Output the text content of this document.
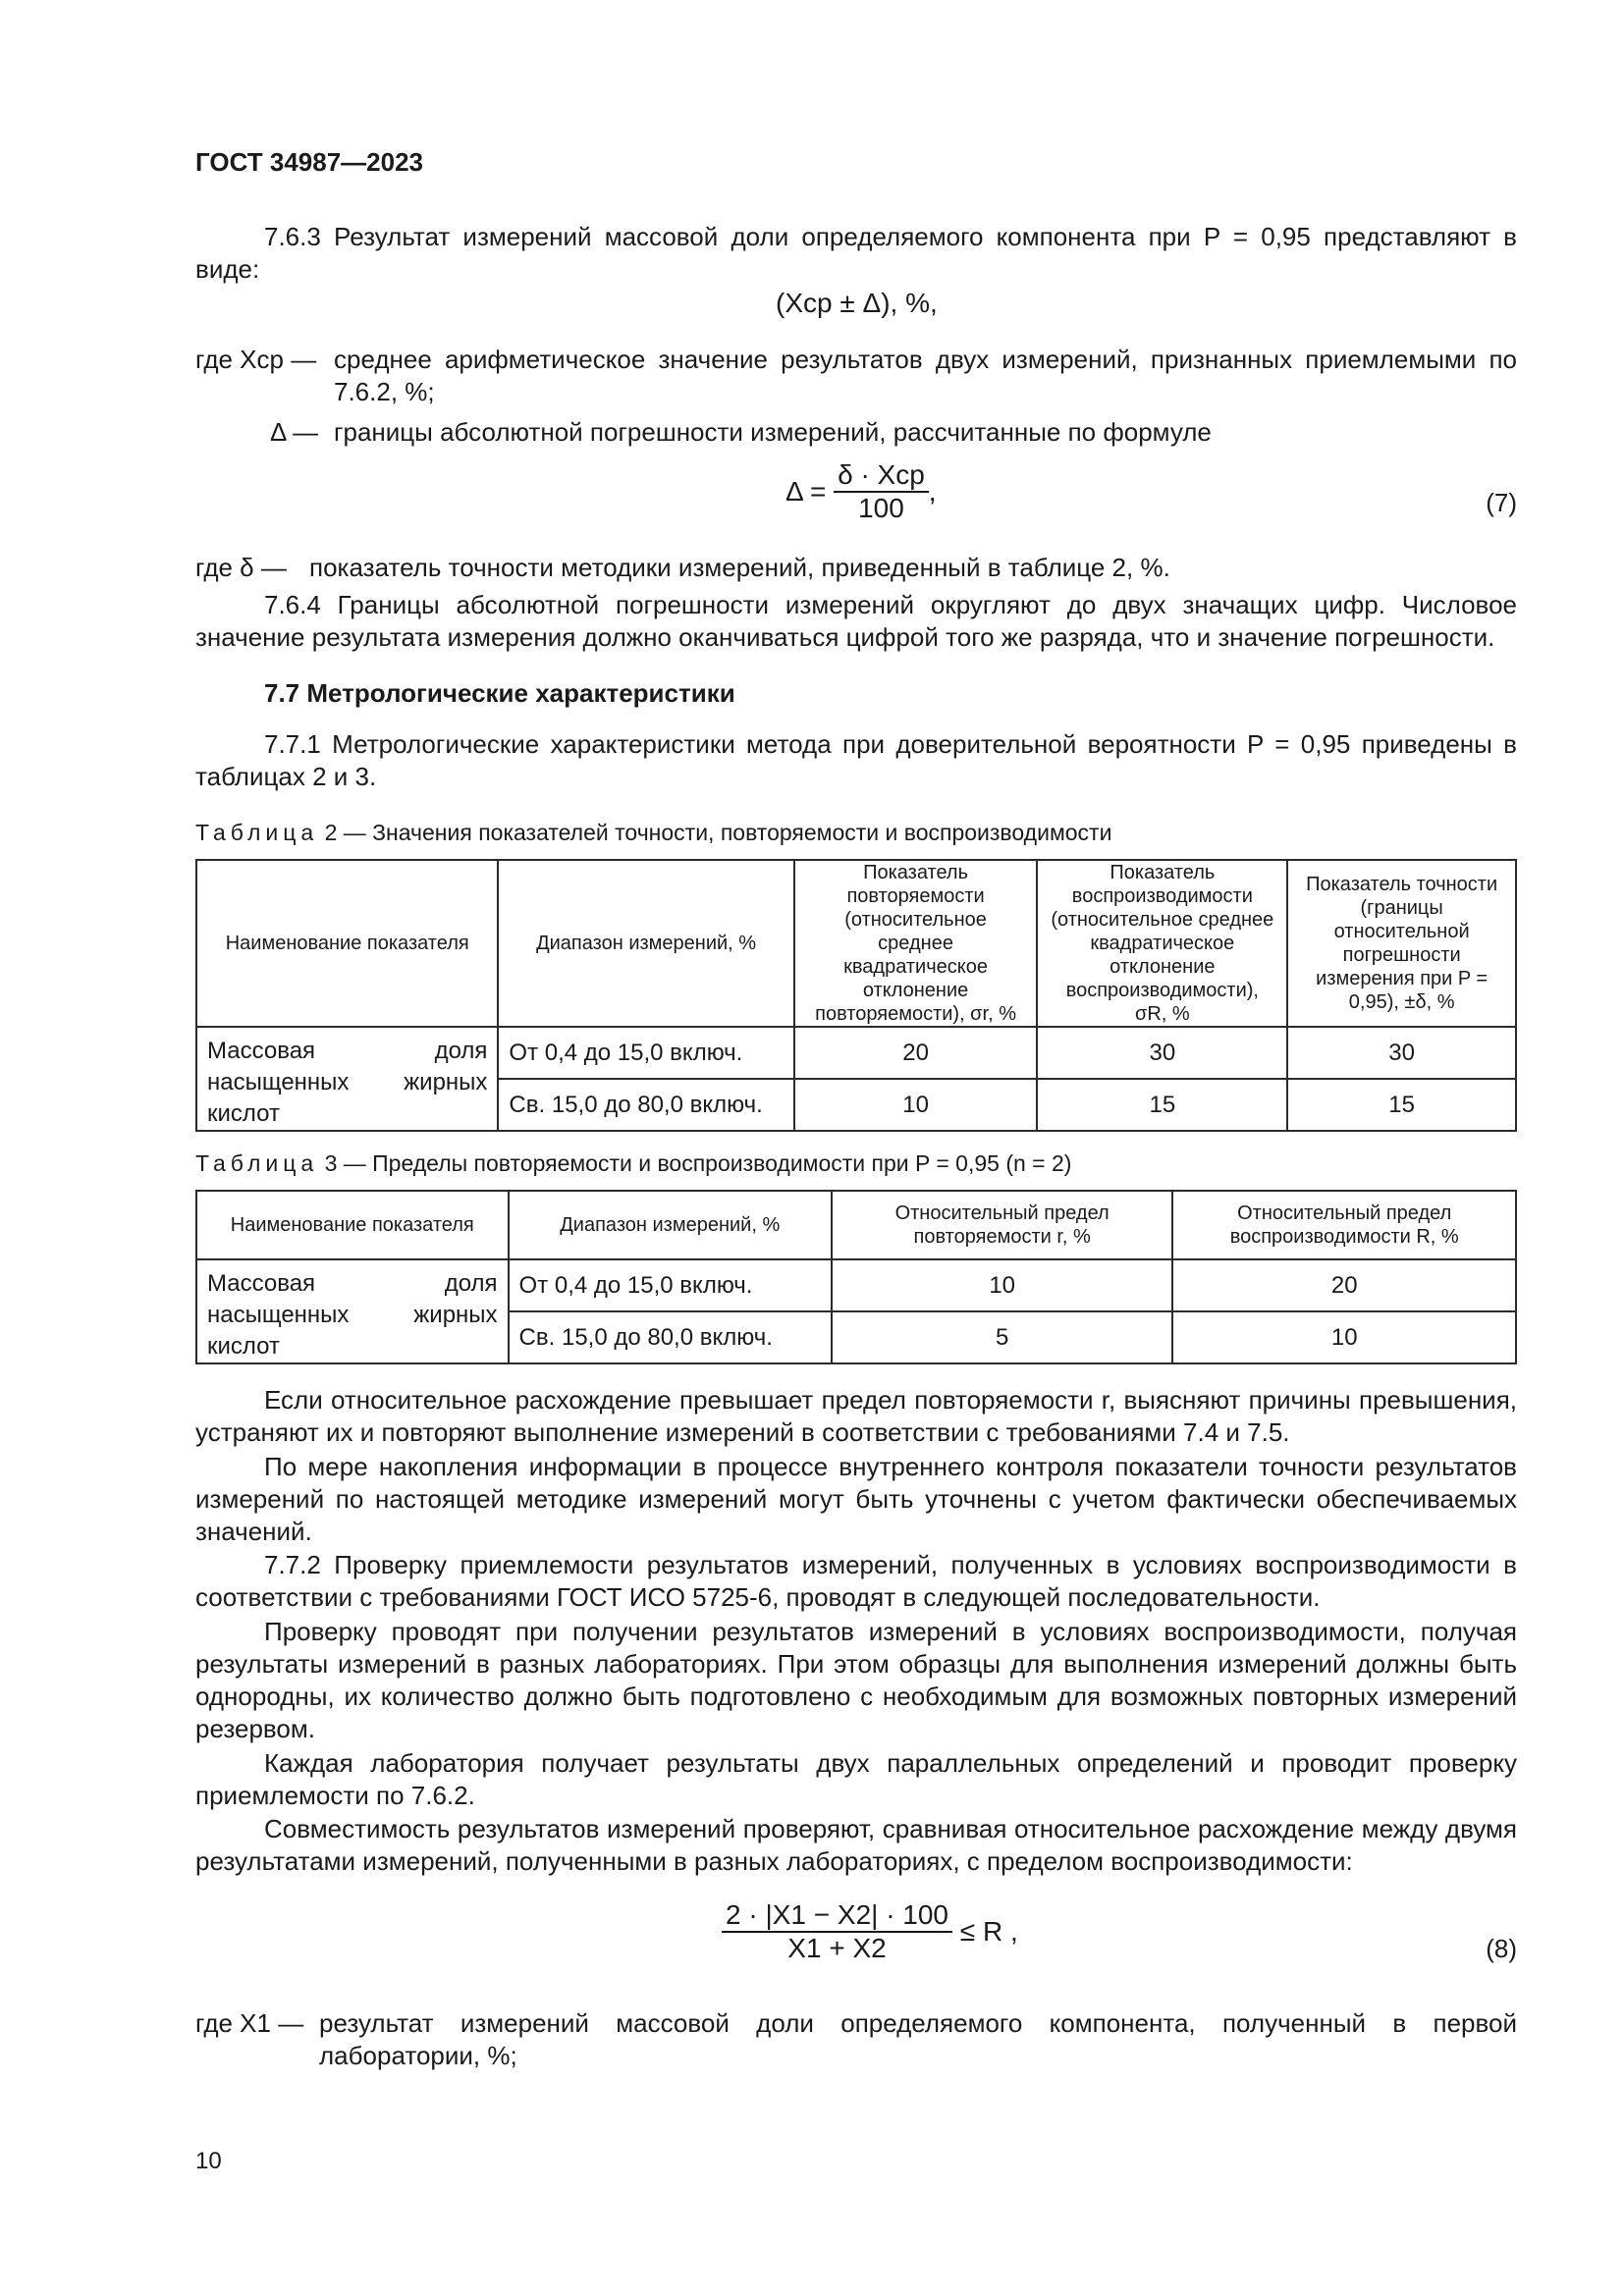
ГОСТ 34987—2023
7.6.3 Результат измерений массовой доли определяемого компонента при P = 0,95 представляют в виде:
(Xср ± Δ), %,
где Xср — среднее арифметическое значение результатов двух измерений, признанных приемлемыми по 7.6.2, %;
Δ — границы абсолютной погрешности измерений, рассчитанные по формуле
$\Delta = \frac{\text{δ · Xср}}{100}$ ,	(7)
где δ — показатель точности методики измерений, приведенный в таблице 2, %.
7.6.4 Границы абсолютной погрешности измерений округляют до двух значащих цифр. Числовое значение результата измерения должно оканчиваться цифрой того же разряда, что и значение погрешности.
7.7 Метрологические характеристики
7.7.1 Метрологические характеристики метода при доверительной вероятности P = 0,95 приведены в таблицах 2 и 3.
Таблица 2 — Значения показателей точности, повторяемости и воспроизводимости
Наименование показателя	Диапазон измерений, %	Показатель повторяемости (относительное среднее квадратическое отклонение повторяемости), σr, %	Показатель воспроизводимости (относительное среднее квадратическое отклонение воспроизводимости), σR, %	Показатель точности (границы относительной погрешности измерения при P = 0,95), ±δ, %
Массовая доля насыщенных жирных кислот	От 0,4 до 15,0 включ.	20	30	30
	Св. 15,0 до 80,0 включ.	10	15	15
Таблица 3 — Пределы повторяемости и воспроизводимости при P = 0,95 (n = 2)
Наименование показателя	Диапазон измерений, %	Относительный предел повторяемости r, %	Относительный предел воспроизводимости R, %
Массовая доля насыщенных жирных кислот	От 0,4 до 15,0 включ.	10	20
	Св. 15,0 до 80,0 включ.	5	10
Если относительное расхождение превышает предел повторяемости r, выясняют причины превышения, устраняют их и повторяют выполнение измерений в соответствии с требованиями 7.4 и 7.5.
По мере накопления информации в процессе внутреннего контроля показатели точности результатов измерений по настоящей методике измерений могут быть уточнены с учетом фактически обеспечиваемых значений.
7.7.2 Проверку приемлемости результатов измерений, полученных в условиях воспроизводимости в соответствии с требованиями ГОСТ ИСО 5725-6, проводят в следующей последовательности.
Проверку проводят при получении результатов измерений в условиях воспроизводимости, получая результаты измерений в разных лабораториях. При этом образцы для выполнения измерений должны быть однородны, их количество должно быть подготовлено с необходимым для возможных повторных измерений резервом.
Каждая лаборатория получает результаты двух параллельных определений и проводит проверку приемлемости по 7.6.2.
Совместимость результатов измерений проверяют, сравнивая относительное расхождение между двумя результатами измерений, полученными в разных лабораториях, с пределом воспроизводимости:
$\frac{2 \cdot |X1 - X2| \cdot 100}{X1 + X2} \le R$ ,
(8)
где X1 — результат измерений массовой доли определяемого компонента, полученный в первой лаборатории, %;
10
